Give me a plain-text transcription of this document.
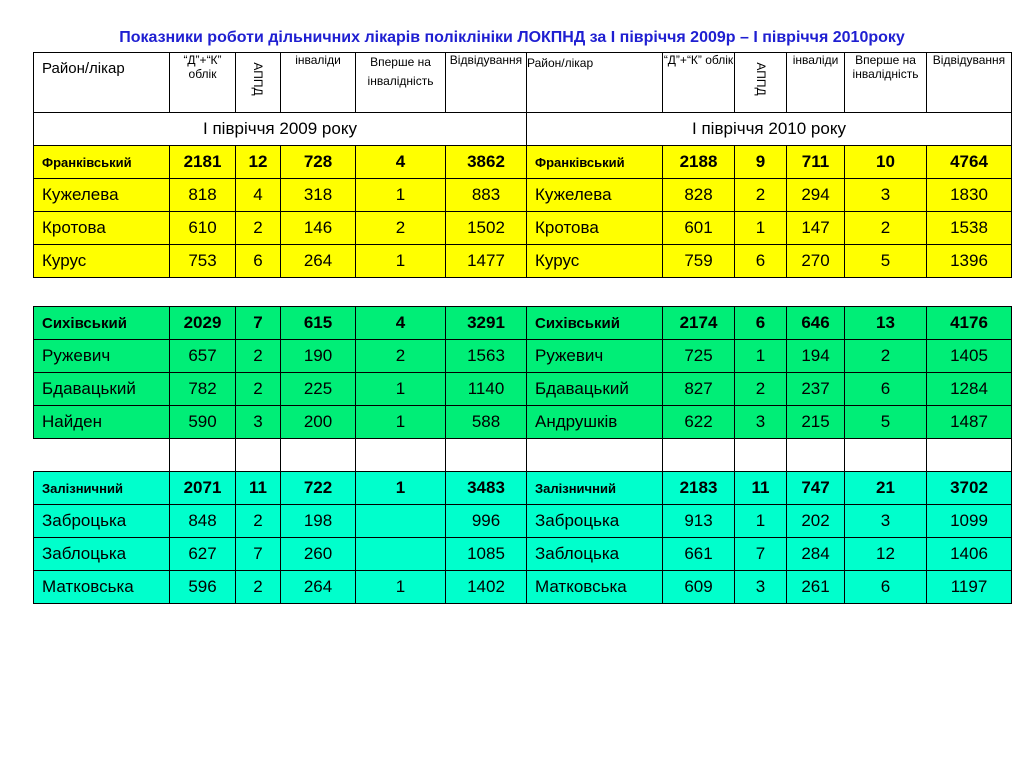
Показники роботи дільничних лікарів поліклініки ЛОКПНД за І півріччя 2009р – І півріччя 2010року
Район/лікар	“Д”+“К” облік	АППД	інваліди	Вперше на інвалідність	Відвідування	Район/лікар	“Д”+“К” облік	АППД	інваліди	Вперше на інвалідність	Відвідування
І півріччя 2009 року						І півріччя 2010 року					
Франківський	2181	12	728	4	3862	Франківський	2188	9	711	10	4764
Кужелева	818	4	318	1	883	Кужелева	828	2	294	3	1830
Кротова	610	2	146	2	1502	Кротова	601	1	147	2	1538
Курус	753	6	264	1	1477	Курус	759	6	270	5	1396
Сихівський	2029	7	615	4	3291	Сихівський	2174	6	646	13	4176
Ружевич	657	2	190	2	1563	Ружевич	725	1	194	2	1405
Бдавацький	782	2	225	1	1140	Бдавацький	827	2	237	6	1284
Найден	590	3	200	1	588	Андрушків	622	3	215	5	1487

Залізничний	2071	11	722	1	3483	Залізничний	2183	11	747	21	3702
Заброцька	848	2	198		996	Заброцька	913	1	202	3	1099
Заблоцька	627	7	260		1085	Заблоцька	661	7	284	12	1406
Матковська	596	2	264	1	1402	Матковська	609	3	261	6	1197
